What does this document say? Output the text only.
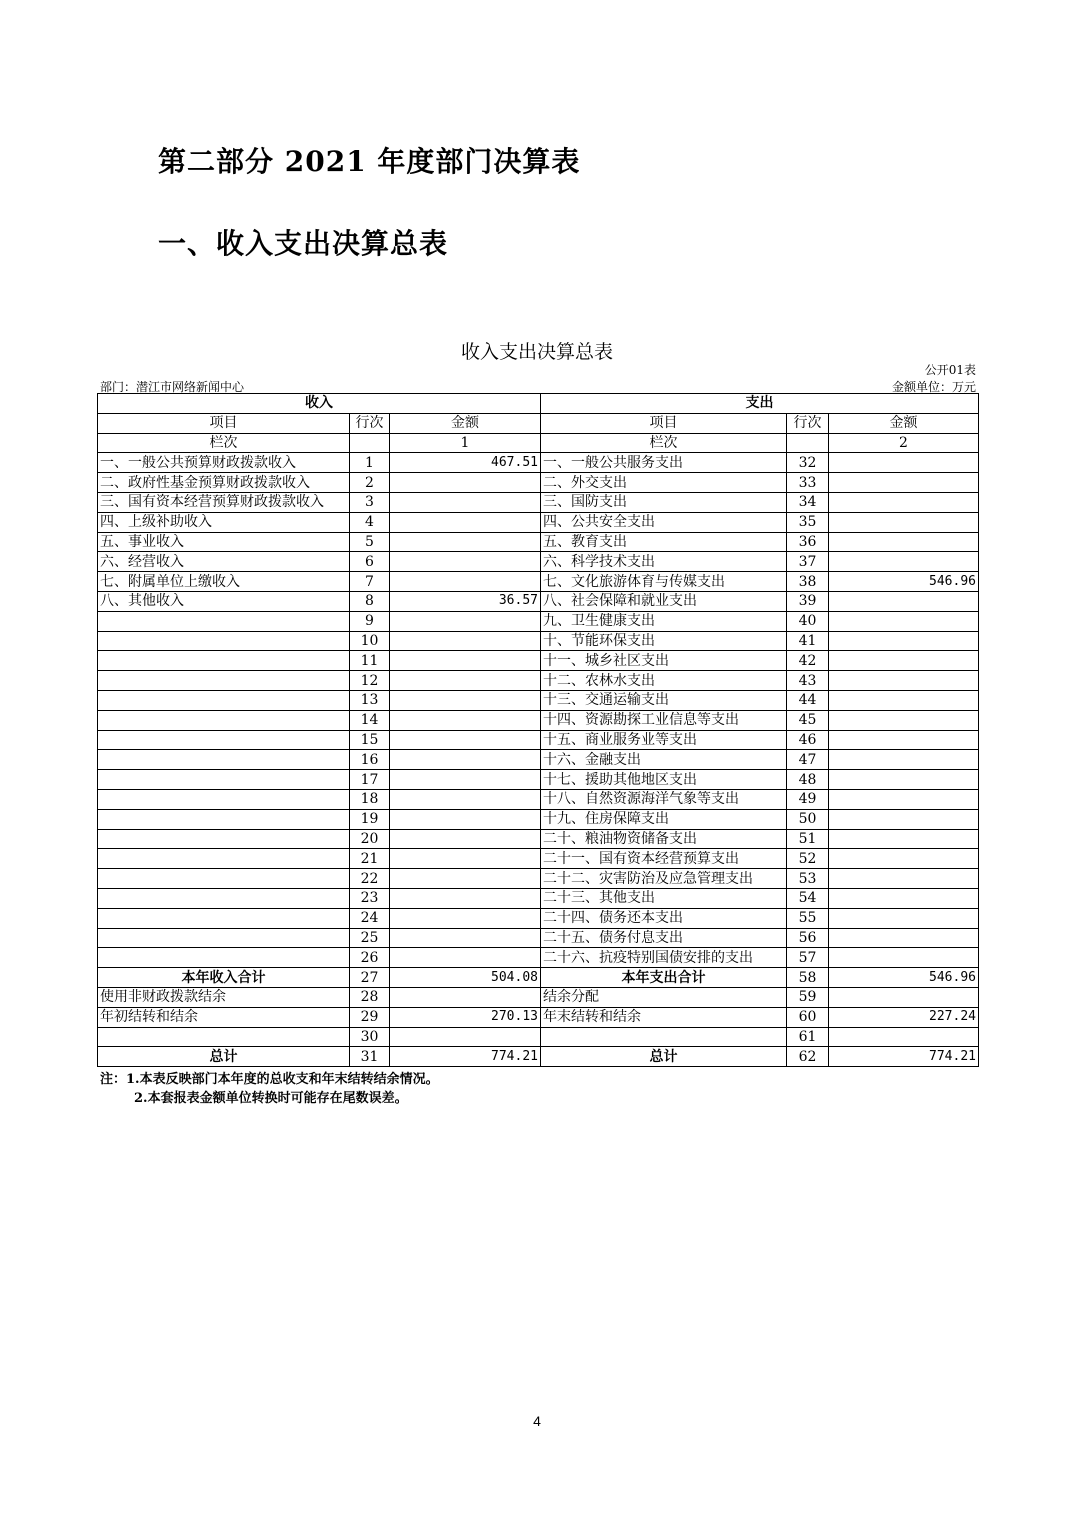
第二部分 2021 年度部门决算表
一、收入支出决算总表
收入支出决算总表
公开01表
部门：潜江市网络新闻中心	金额单位：万元
收入			支出		
项目	行次	金额	项目	行次	金额
栏次		1	栏次		2
一、一般公共预算财政拨款收入	1	467.51	一、一般公共服务支出	32	
二、政府性基金预算财政拨款收入	2		二、外交支出	33	
三、国有资本经营预算财政拨款收入	3		三、国防支出	34	
四、上级补助收入	4		四、公共安全支出	35	
五、事业收入	5		五、教育支出	36	
六、经营收入	6		六、科学技术支出	37	
七、附属单位上缴收入	7		七、文化旅游体育与传媒支出	38	546.96
八、其他收入	8	36.57	八、社会保障和就业支出	39	
	9		九、卫生健康支出	40	
	10		十、节能环保支出	41	
	11		十一、城乡社区支出	42	
	12		十二、农林水支出	43	
	13		十三、交通运输支出	44	
	14		十四、资源勘探工业信息等支出	45	
	15		十五、商业服务业等支出	46	
	16		十六、金融支出	47	
	17		十七、援助其他地区支出	48	
	18		十八、自然资源海洋气象等支出	49	
	19		十九、住房保障支出	50	
	20		二十、粮油物资储备支出	51	
	21		二十一、国有资本经营预算支出	52	
	22		二十二、灾害防治及应急管理支出	53	
	23		二十三、其他支出	54	
	24		二十四、债务还本支出	55	
	25		二十五、债务付息支出	56	
	26		二十六、抗疫特别国债安排的支出	57	
本年收入合计	27	504.08	本年支出合计	58	546.96
使用非财政拨款结余	28		结余分配	59	
年初结转和结余	29	270.13	年末结转和结余	60	227.24
	30			61	
总计	31	774.21	总计	62	774.21
注：1.本表反映部门本年度的总收支和年末结转结余情况。
2.本套报表金额单位转换时可能存在尾数误差。
4
